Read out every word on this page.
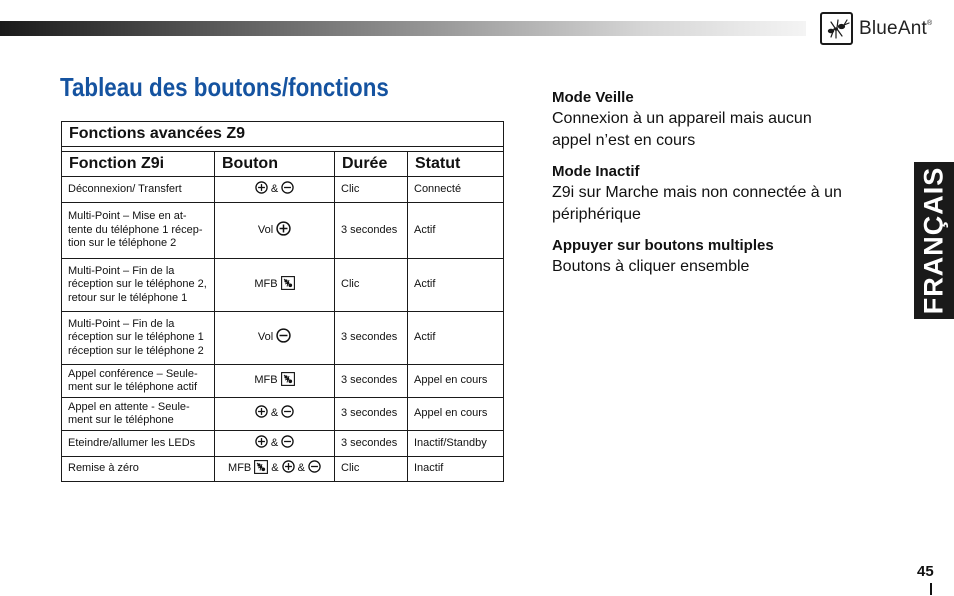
BlueAnt®
Tableau des boutons/fonctions
Fonctions avancées Z9			

Fonction Z9i	Bouton	Durée	Statut
Déconnexion/ Transfert	&	Clic	Connecté
Multi-Point – Mise en at-tente du téléphone 1 récep-tion sur le téléphone 2	Vol	3 secondes	Actif
Multi-Point – Fin de la réception sur le téléphone 2, retour sur le téléphone 1	MFB	Clic	Actif
Multi-Point – Fin de la réception sur le téléphone 1 réception sur le téléphone 2	Vol	3 secondes	Actif
Appel conférence – Seule-ment sur le téléphone actif	MFB	3 secondes	Appel en cours
Appel en attente - Seule-ment sur le téléphone	&	3 secondes	Appel en cours
Eteindre/allumer les LEDs	&	3 secondes	Inactif/Standby
Remise à zéro	MFB & &	Clic	Inactif
Mode Veille
Connexion à un appareil mais aucun appel n’est en cours
Mode Inactif
Z9i sur Marche mais non connectée à un périphérique
Appuyer sur boutons multiples
Boutons à cliquer ensemble	FRANÇAIS
45
